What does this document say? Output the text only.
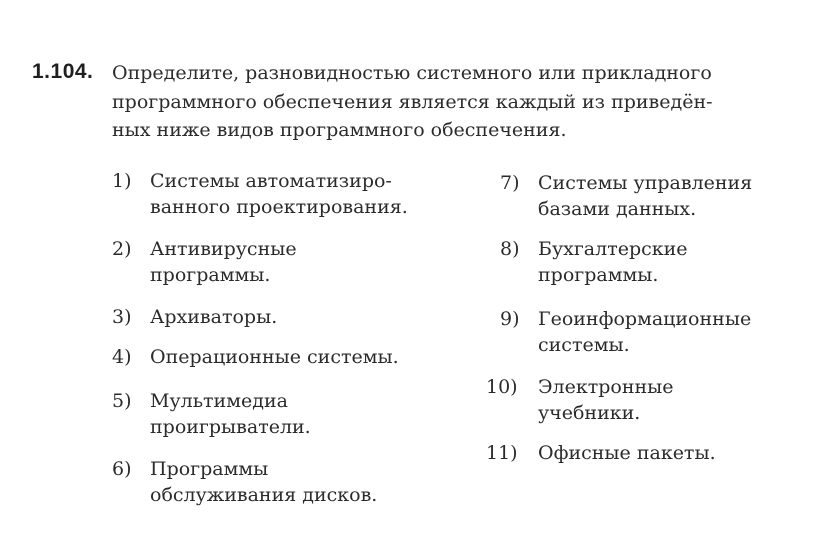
1.104. Определите, разновидностью системного или прикладного
программного обеспечения является каждый из приведён-
ных ниже видов программного обеспечения.
1) Системы автоматизиро-
ванного проектирования.
2) Антивирусные
программы.
3) Архиваторы.
4) Операционные системы.
5) Мультимедиа
проигрыватели.
6) Программы
обслуживания дисков.
7) Системы управления
базами данных.
8) Бухгалтерские
программы.
9) Геоинформационные
системы.
10) Электронные
учебники.
11) Офисные пакеты.
